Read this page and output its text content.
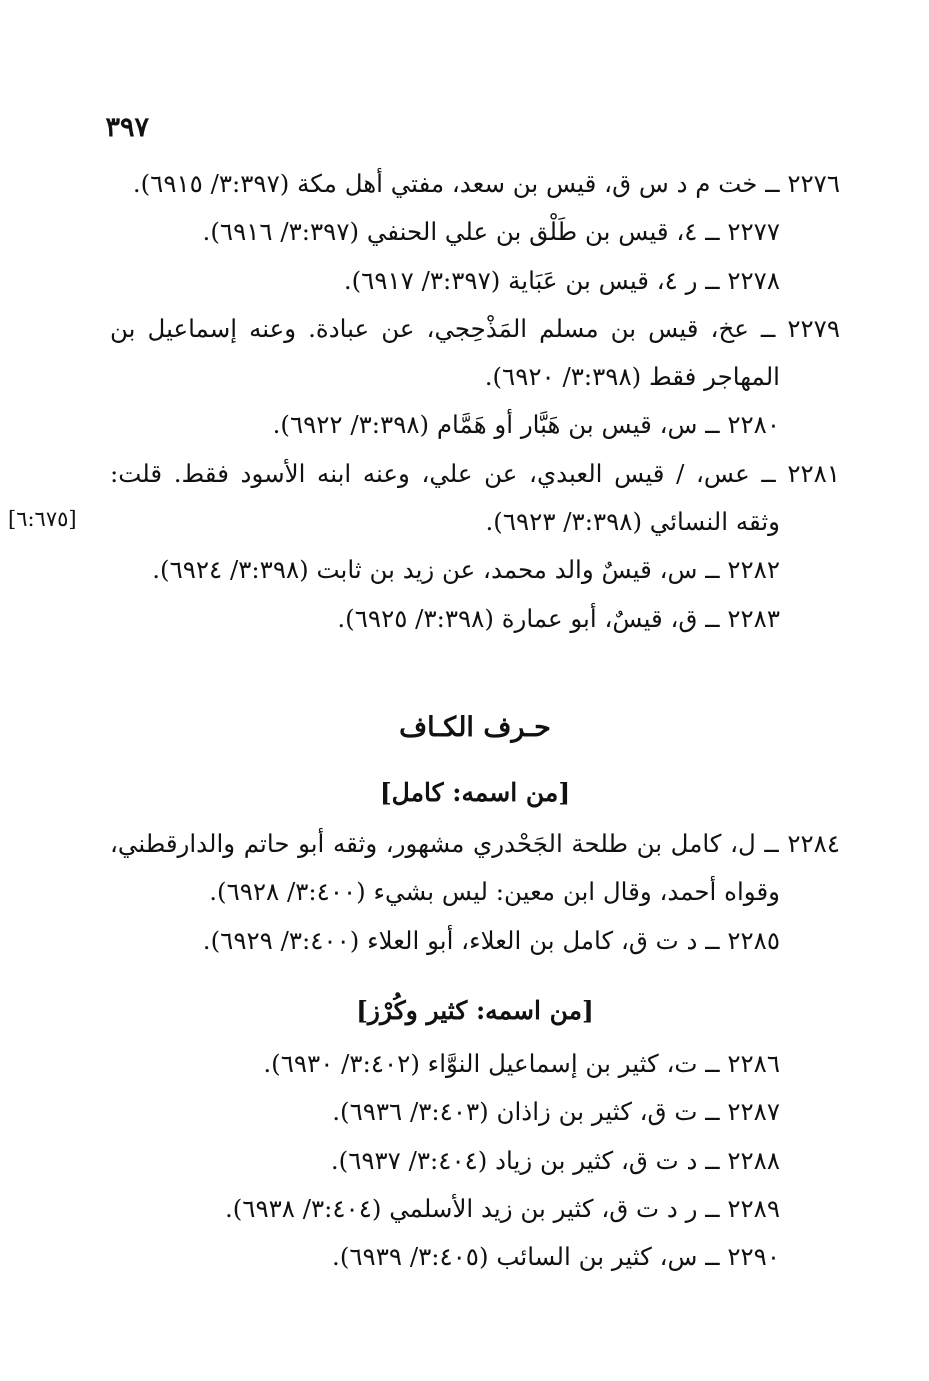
٣٩٧
[٦:٦٧٥]

٢٢٧٦ ــ خت م د س ق، قيس بن سعد، مفتي أهل مكة (٣:٣٩٧/ ٦٩١٥).

٢٢٧٧ ــ ٤، قيس بن طَلْق بن علي الحنفي (٣:٣٩٧/ ٦٩١٦).

٢٢٧٨ ــ ر ٤، قيس بن عَبَاية (٣:٣٩٧/ ٦٩١٧).

٢٢٧٩ ــ عخ، قيس بن مسلم المَذْحِجي، عن عبادة. وعنه إسماعيل بن المهاجر فقط (٣:٣٩٨/ ٦٩٢٠).

٢٢٨٠ ــ س، قيس بن هَبَّار أو هَمَّام (٣:٣٩٨/ ٦٩٢٢).

٢٢٨١ ــ عس، / قيس العبدي، عن علي، وعنه ابنه الأسود فقط. قلت: وثقه النسائي (٣:٣٩٨/ ٦٩٢٣).

٢٢٨٢ ــ س، قيسٌ والد محمد، عن زيد بن ثابت (٣:٣٩٨/ ٦٩٢٤).

٢٢٨٣ ــ ق، قيسٌ، أبو عمارة (٣:٣٩٨/ ٦٩٢٥).

حـرف الكـاف
[من اسمه: كامل]

٢٢٨٤ ــ ل، كامل بن طلحة الجَحْدري مشهور، وثقه أبو حاتم والدارقطني، وقواه أحمد، وقال ابن معين: ليس بشيء (٣:٤٠٠/ ٦٩٢٨).

٢٢٨٥ ــ د ت ق، كامل بن العلاء، أبو العلاء (٣:٤٠٠/ ٦٩٢٩).

[من اسمه: كثير وكُرْز]

٢٢٨٦ ــ ت، كثير بن إسماعيل النوَّاء (٣:٤٠٢/ ٦٩٣٠).

٢٢٨٧ ــ ت ق، كثير بن زاذان (٣:٤٠٣/ ٦٩٣٦).

٢٢٨٨ ــ د ت ق، كثير بن زياد (٣:٤٠٤/ ٦٩٣٧).

٢٢٨٩ ــ ر د ت ق، كثير بن زيد الأسلمي (٣:٤٠٤/ ٦٩٣٨).

٢٢٩٠ ــ س، كثير بن السائب (٣:٤٠٥/ ٦٩٣٩).
